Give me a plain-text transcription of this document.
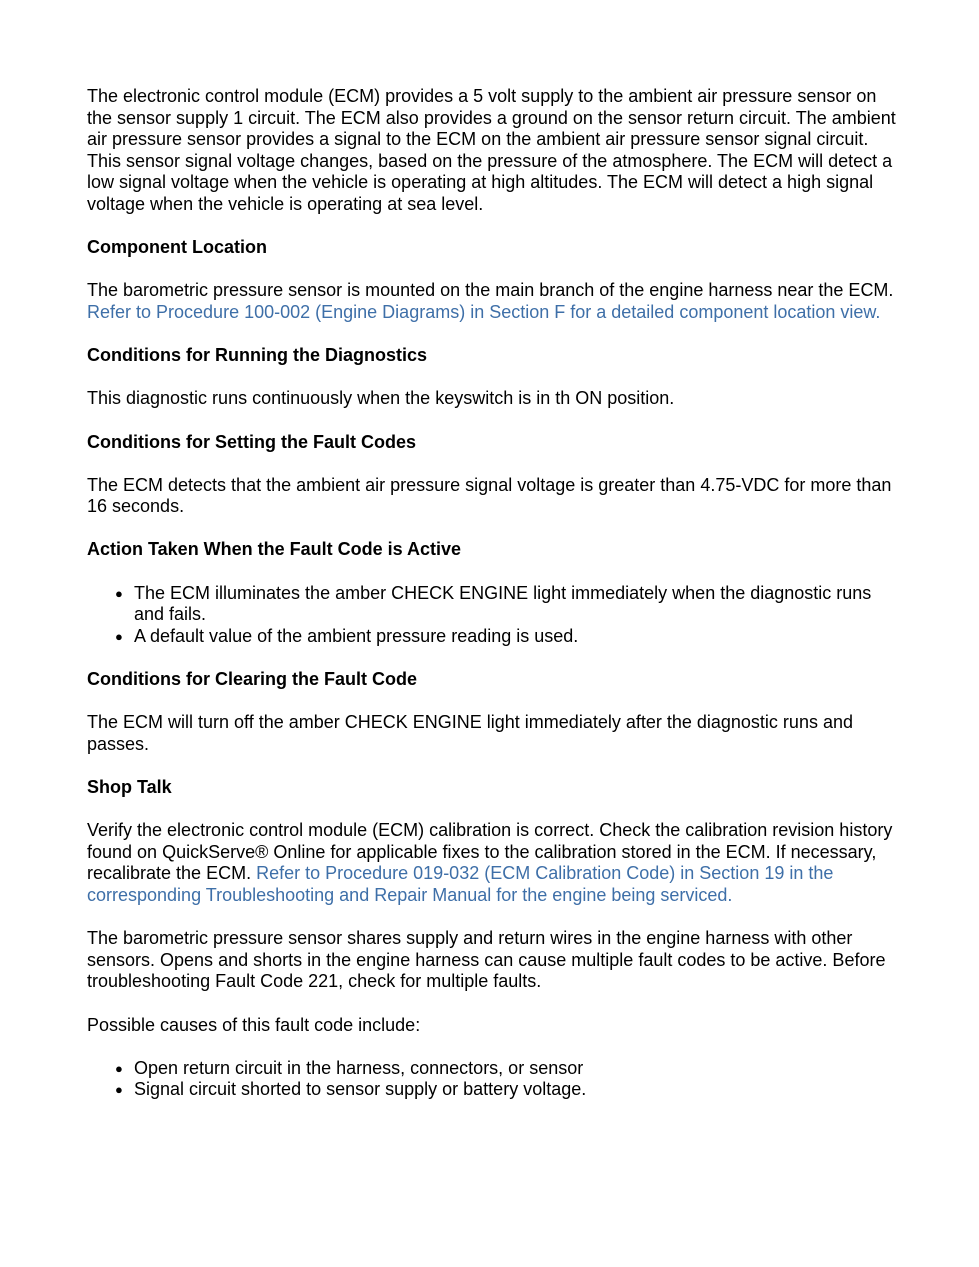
The electronic control module (ECM) provides a 5 volt supply to the ambient air pressure sensor on the sensor supply 1 circuit. The ECM also provides a ground on the sensor return circuit. The ambient air pressure sensor provides a signal to the ECM on the ambient air pressure sensor signal circuit. This sensor signal voltage changes, based on the pressure of the atmosphere. The ECM will detect a low signal voltage when the vehicle is operating at high altitudes. The ECM will detect a high signal voltage when the vehicle is operating at sea level.

Component Location

The barometric pressure sensor is mounted on the main branch of the engine harness near the ECM. Refer to Procedure 100-002 (Engine Diagrams) in Section F for a detailed component location view.

Conditions for Running the Diagnostics

This diagnostic runs continuously when the keyswitch is in th ON position.

Conditions for Setting the Fault Codes

The ECM detects that the ambient air pressure signal voltage is greater than 4.75-VDC for more than 16 seconds.

Action Taken When the Fault Code is Active
● The ECM illuminates the amber CHECK ENGINE light immediately when the diagnostic runs and fails.
● A default value of the ambient pressure reading is used.
Conditions for Clearing the Fault Code

The ECM will turn off the amber CHECK ENGINE light immediately after the diagnostic runs and passes.

Shop Talk

Verify the electronic control module (ECM) calibration is correct. Check the calibration revision history found on QuickServe® Online for applicable fixes to the calibration stored in the ECM. If necessary, recalibrate the ECM. Refer to Procedure 019-032 (ECM Calibration Code) in Section 19 in the corresponding Troubleshooting and Repair Manual for the engine being serviced.

The barometric pressure sensor shares supply and return wires in the engine harness with other sensors. Opens and shorts in the engine harness can cause multiple fault codes to be active. Before troubleshooting Fault Code 221, check for multiple faults.

Possible causes of this fault code include:

● Open return circuit in the harness, connectors, or sensor
● Signal circuit shorted to sensor supply or battery voltage.
